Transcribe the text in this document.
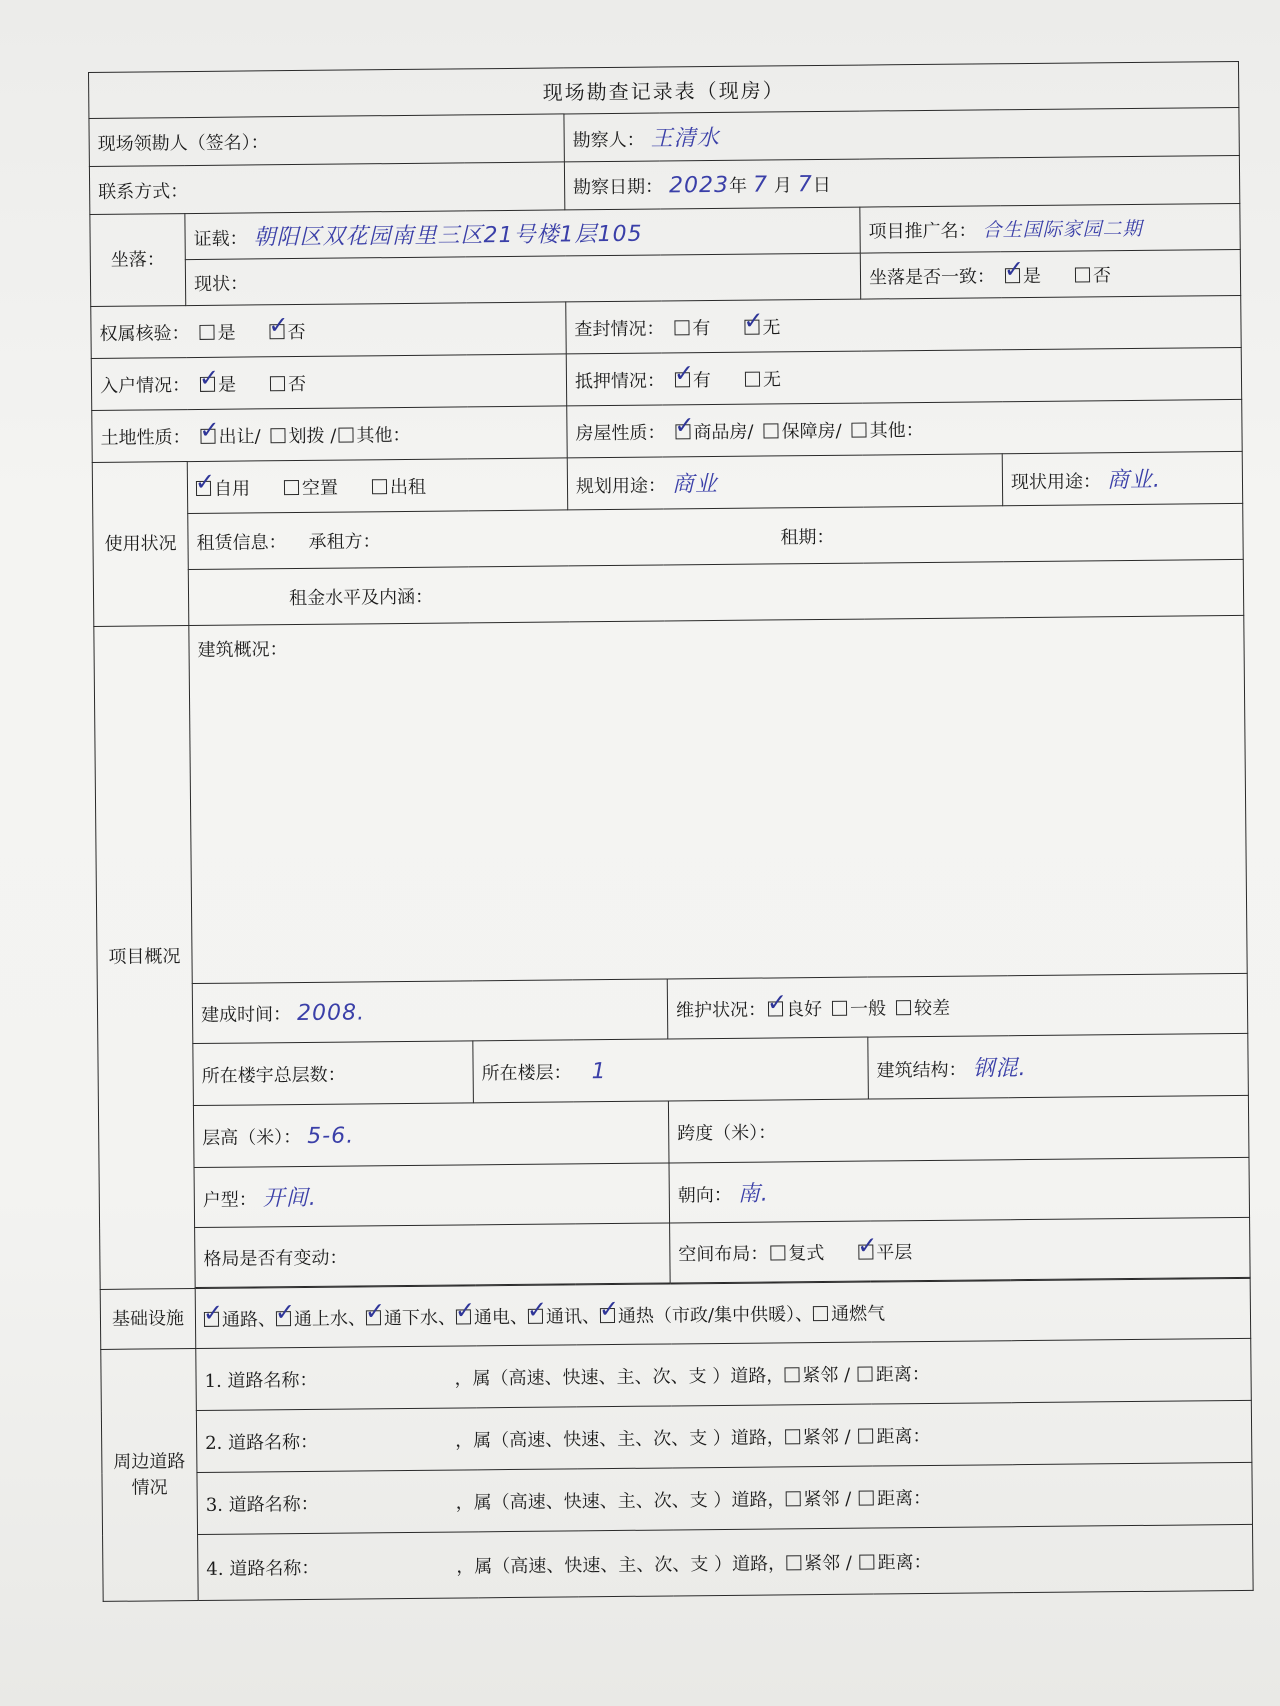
现场勘查记录表（现房）						
现场领勘人（签名）：			勘察人： 王清水			
联系方式：			勘察日期： 2023年 7 月 7日			
坐落：	证载： 朝阳区双花园南里三区21号楼1层105				项目推广名： 合生国际家园二期	
	现状：				坐落是否一致： ✓ 是 否
权属核验： 是 ✓ 否			查封情况： 有 ✓ 无
入户情况： ✓ 是 否			抵押情况： ✓ 有 无
土地性质： ✓ 出让/ 划拨 / 其他：			房屋性质： ✓ 商品房/ 保障房/ 其他：
使用状况	✓自用 空置 出租		规划用途： 商业			现状用途： 商业.
	租赁信息： 承租方： 租期：					
	租金水平及内涵：					
项目概况	建筑概况：					
	建成时间： 2008.			维护状况： ✓ 良好 一般 较差
	所在楼宇总层数：	所在楼层： 1			建筑结构： 钢混.	
	层高（米）： 5-6.			跨度（米）：		
	户型： 开间.			朝向： 南.		
	格局是否有变动：			空间布局： 复式 ✓ 平层

基础设施	✓通路、 ✓ 通上水、 ✓ 通下水、 ✓ 通电、 ✓ 通讯、 ✓ 通热（市政/集中供暖）、 通燃气
周边道路情况	1. 道路名称： ，属（高速、快速、主、次、支 ）道路， 紧邻 / 距离：					
	2. 道路名称： ，属（高速、快速、主、次、支 ）道路， 紧邻 / 距离：					
	3. 道路名称： ，属（高速、快速、主、次、支 ）道路， 紧邻 / 距离：					
	4. 道路名称： ，属（高速、快速、主、次、支 ）道路， 紧邻 / 距离：					
